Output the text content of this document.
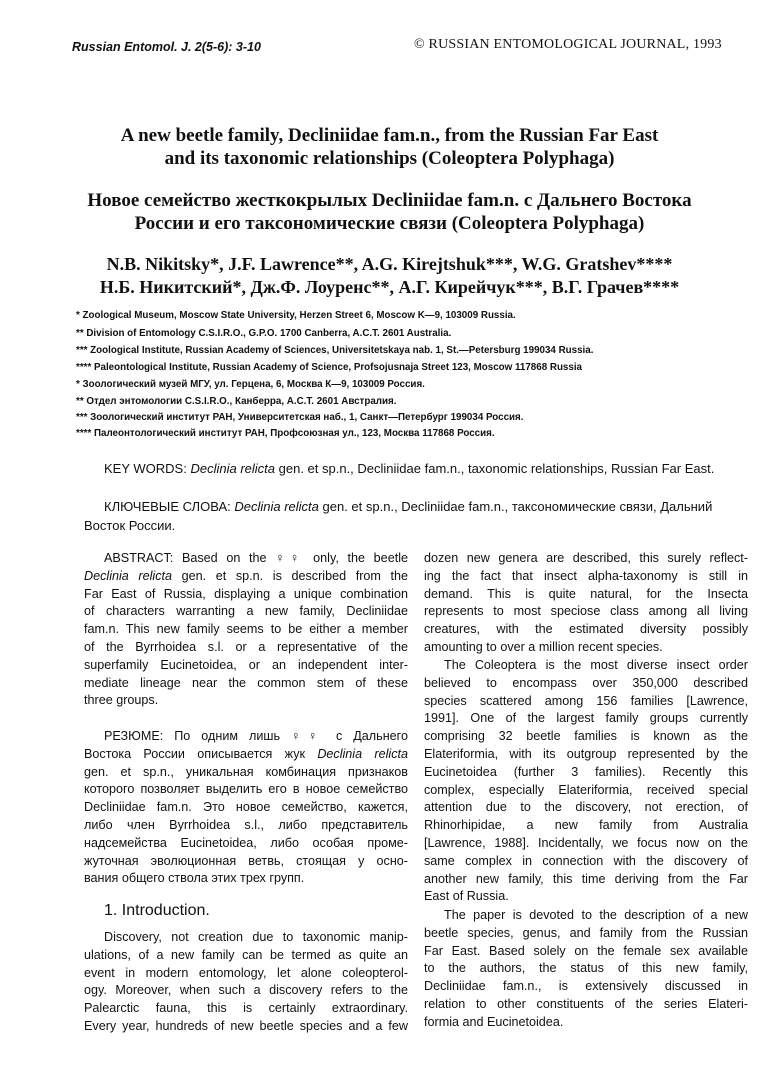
Russian Entomol. J. 2(5-6): 3-10	© RUSSIAN ENTOMOLOGICAL JOURNAL, 1993
A new beetle family, Decliniidae fam.n., from the Russian Far East
and its taxonomic relationships (Coleoptera Polyphaga)
Новое семейство жесткокрылых Decliniidae fam.n. с Дальнего Востока
России и его таксономические связи (Coleoptera Polyphaga)
N.B. Nikitsky*, J.F. Lawrence**, A.G. Kirejtshuk***, W.G. Gratshev****
Н.Б. Никитский*, Дж.Ф. Лоуренс**, А.Г. Кирейчук***, В.Г. Грачев****
* Zoological Museum, Moscow State University, Herzen Street 6, Moscow K—9, 103009 Russia.
** Division of Entomology C.S.I.R.O., G.P.O. 1700 Canberra, A.C.T. 2601 Australia.
*** Zoological Institute, Russian Academy of Sciences, Universitetskaya nab. 1, St.—Petersburg 199034 Russia.
**** Paleontological Institute, Russian Academy of Science, Profsojusnaja Street 123, Moscow 117868 Russia
* Зоологический музей МГУ, ул. Герцена, 6, Москва К—9, 103009 Россия.
** Отдел энтомологии C.S.I.R.O., Канберра, A.C.T. 2601 Австралия.
*** Зоологический институт РАН, Университетская наб., 1, Санкт—Петербург 199034 Россия.
**** Палеонтологический институт РАН, Профсоюзная ул., 123, Москва 117868 Россия.
KEY WORDS: Declinia relicta gen. et sp.n., Decliniidae fam.n., taxonomic relationships, Russian Far East.
КЛЮЧЕВЫЕ СЛОВА: Declinia relicta gen. et sp.n., Decliniidae fam.n., таксономические связи, Дальний Восток России.
ABSTRACT: Based on the ♀♀ only, the beetle
Declinia relicta gen. et sp.n. is described from the
Far East of Russia, displaying a unique combination
of characters warranting a new family, Decliniidae
fam.n. This new family seems to be either a member
of the Byrrhoidea s.l. or a representative of the
superfamily Eucinetoidea, or an independent inter-
mediate lineage near the common stem of these
three groups.
РЕЗЮМЕ: По одним лишь ♀♀ с Дальнего
Востока России описывается жук Declinia relicta
gen. et sp.n., уникальная комбинация признаков
которого позволяет выделить его в новое семейство
Decliniidae fam.n. Это новое семейство, кажется,
либо член Byrrhoidea s.l., либо представитель
надсемейства Eucinetoidea, либо особая проме-
жуточная эволюционная ветвь, стоящая у осно-
вания общего ствола этих трех групп.
1. Introduction.
Discovery, not creation due to taxonomic manip-
ulations, of a new family can be termed as quite an
event in modern entomology, let alone coleopterol-
ogy. Moreover, when such a discovery refers to the
Palearctic fauna, this is certainly extraordinary.
Every year, hundreds of new beetle species and a few
dozen new genera are described, this surely reflect-
ing the fact that insect alpha-taxonomy is still in
demand. This is quite natural, for the Insecta
represents to most speciose class among all living
creatures, with the estimated diversity possibly
amounting to over a million recent species.
The Coleoptera is the most diverse insect order
believed to encompass over 350,000 described
species scattered among 156 families [Lawrence,
1991]. One of the largest family groups currently
comprising 32 beetle families is known as the
Elateriformia, with its outgroup represented by the
Eucinetoidea (further 3 families). Recently this
complex, especially Elateriformia, received special
attention due to the discovery, not erection, of
Rhinorhipidae, a new family from Australia
[Lawrence, 1988]. Incidentally, we focus now on the
same complex in connection with the discovery of
another new family, this time deriving from the Far
East of Russia.
The paper is devoted to the description of a new
beetle species, genus, and family from the Russian
Far East. Based solely on the female sex available
to the authors, the status of this new family,
Decliniidae fam.n., is extensively discussed in
relation to other constituents of the series Elateri-
formia and Eucinetoidea.
